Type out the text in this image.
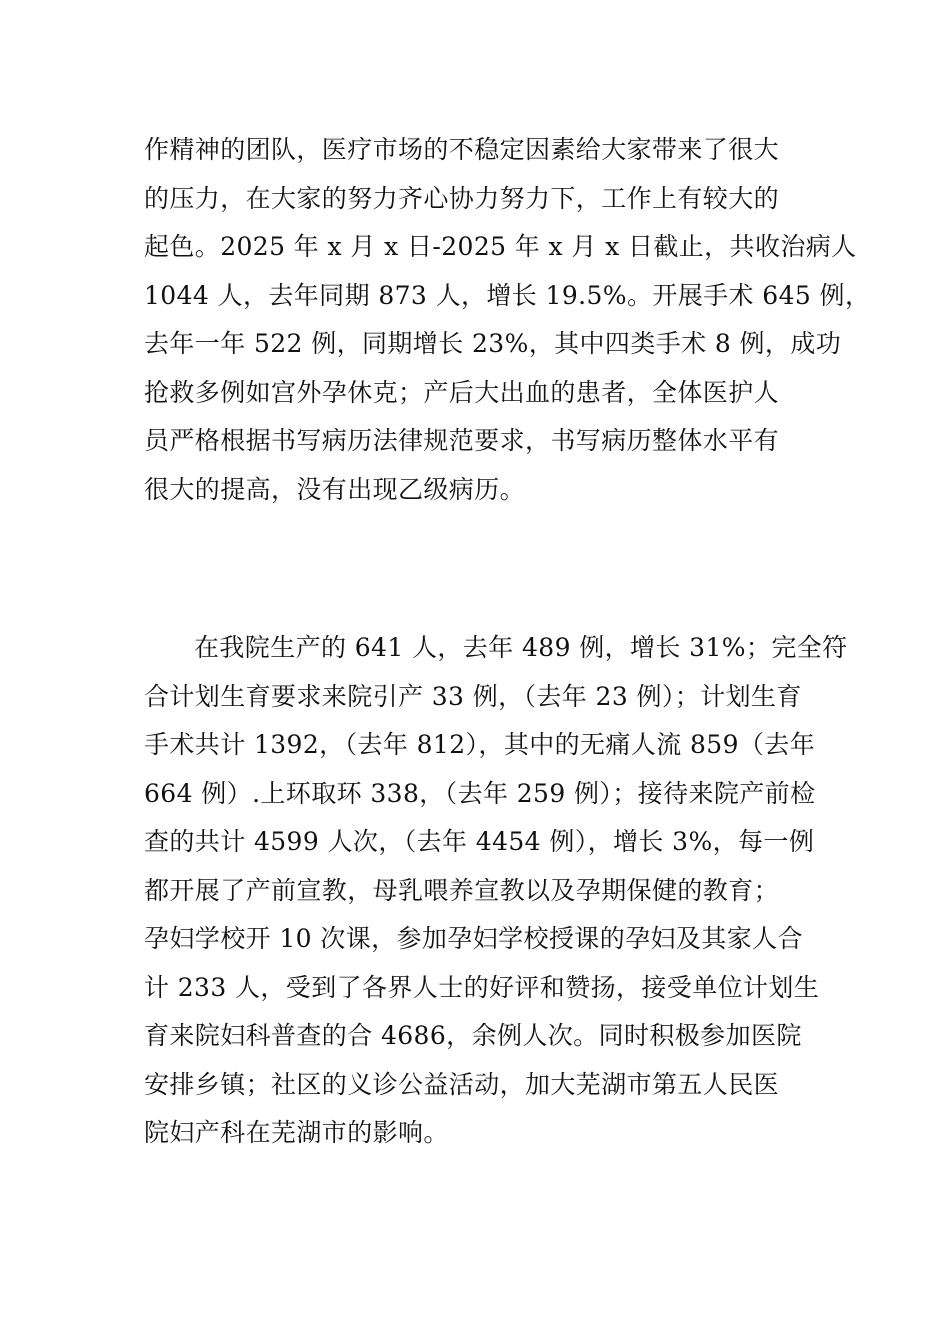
作精神的团队，医疗市场的不稳定因素给大家带来了很大
的压力，在大家的努力齐心协力努力下，工作上有较大的
起色。2025 年 x 月 x 日-2025 年 x 月 x 日截止，共收治病人
1044 人，去年同期 873 人，增长 19.5%。开展手术 645 例，
去年一年 522 例，同期增长 23%，其中四类手术 8 例，成功
抢救多例如宫外孕休克；产后大出血的患者，全体医护人
员严格根据书写病历法律规范要求，书写病历整体水平有
很大的提高，没有出现乙级病历。

在我院生产的 641 人，去年 489 例，增长 31%；完全符
合计划生育要求来院引产 33 例，（去年 23 例）；计划生育
手术共计 1392，（去年 812），其中的无痛人流 859（去年
664 例）.上环取环 338，（去年 259 例）；接待来院产前检
查的共计 4599 人次，（去年 4454 例），增长 3%，每一例
都开展了产前宣教，母乳喂养宣教以及孕期保健的教育；
孕妇学校开 10 次课，参加孕妇学校授课的孕妇及其家人合
计 233 人，受到了各界人士的好评和赞扬，接受单位计划生
育来院妇科普查的合 4686，余例人次。同时积极参加医院
安排乡镇；社区的义诊公益活动，加大芜湖市第五人民医
院妇产科在芜湖市的影响。
